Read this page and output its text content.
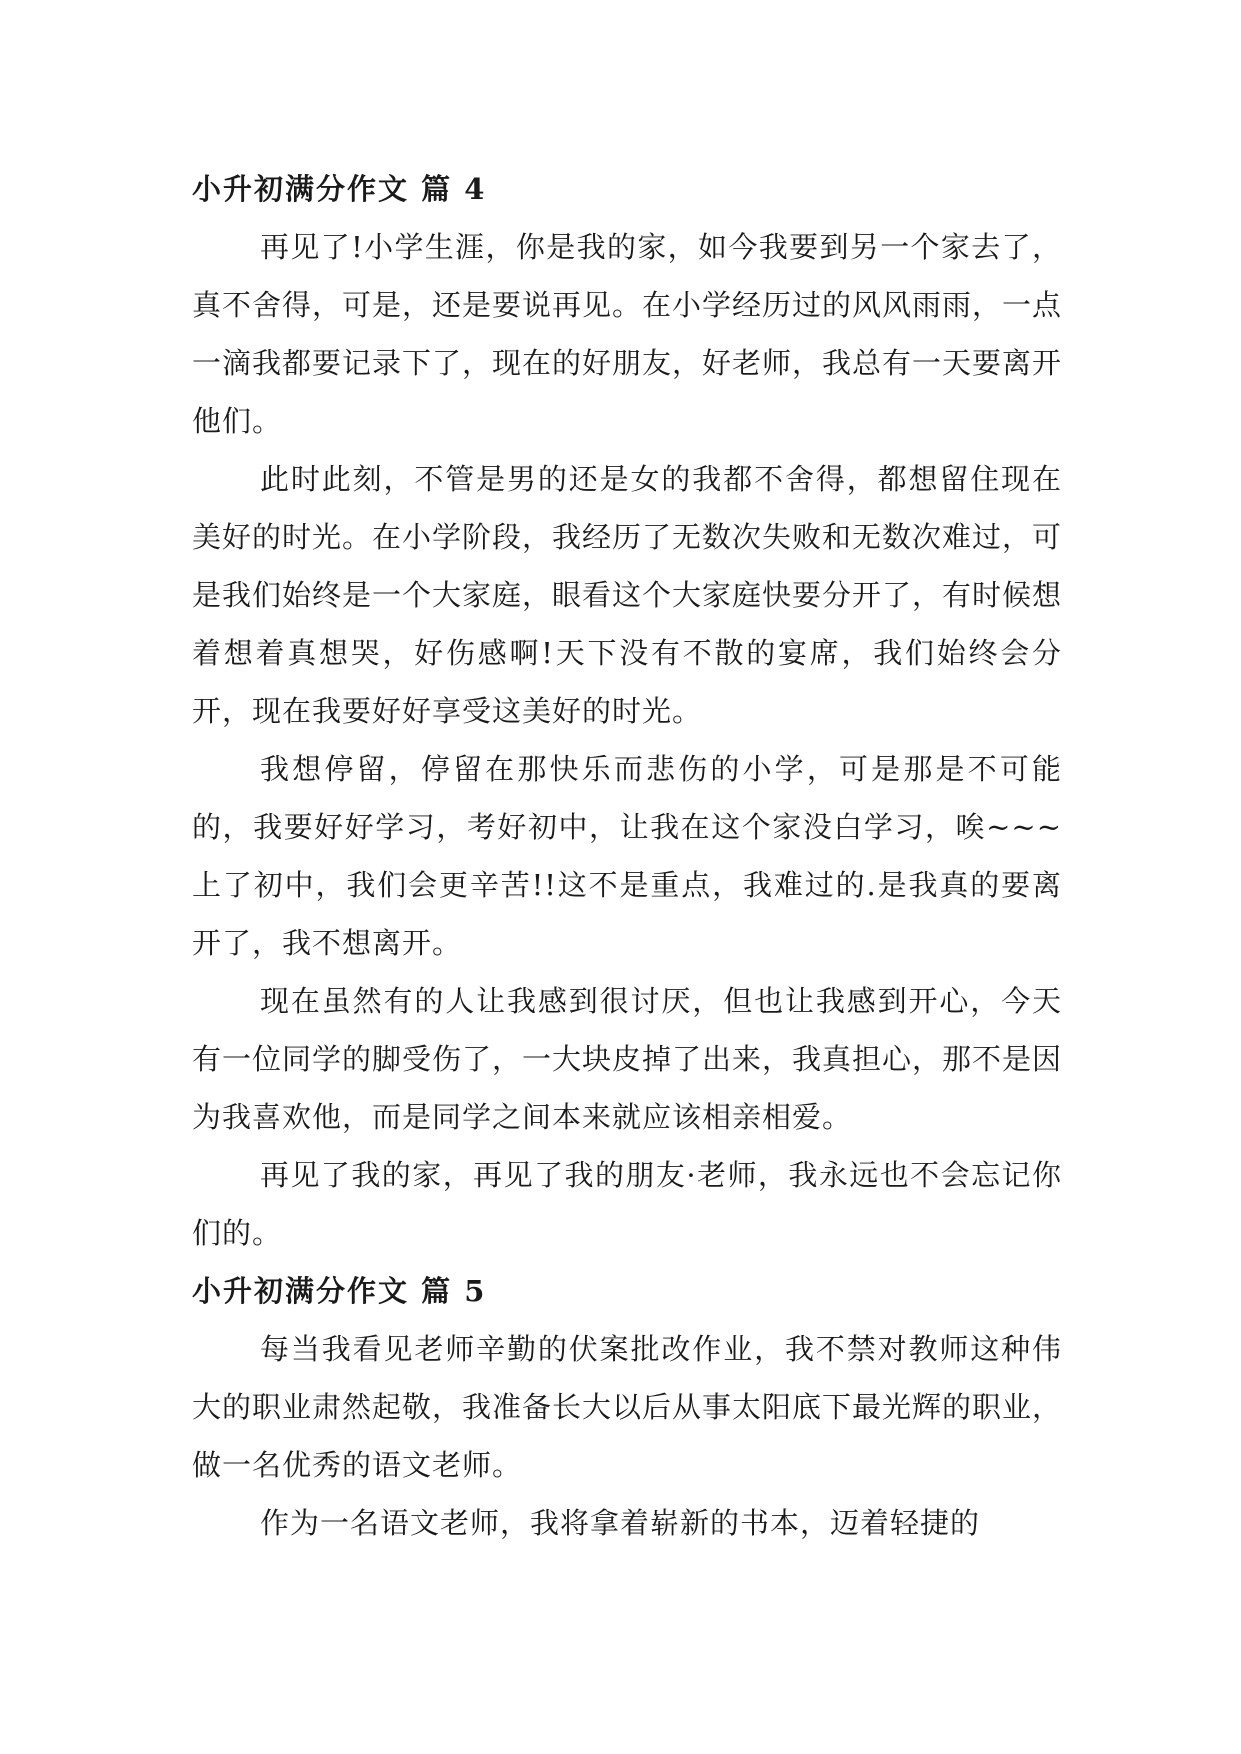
小升初满分作文 篇 4

再见了!小学生涯，你是我的家，如今我要到另一个家去了，真不舍得，可是，还是要说再见。在小学经历过的风风雨雨，一点一滴我都要记录下了，现在的好朋友，好老师，我总有一天要离开他们。

此时此刻，不管是男的还是女的我都不舍得，都想留住现在美好的时光。在小学阶段，我经历了无数次失败和无数次难过，可是我们始终是一个大家庭，眼看这个大家庭快要分开了，有时候想着想着真想哭，好伤感啊!天下没有不散的宴席，我们始终会分开，现在我要好好享受这美好的时光。

我想停留，停留在那快乐而悲伤的小学，可是那是不可能的，我要好好学习，考好初中，让我在这个家没白学习，唉~~~上了初中，我们会更辛苦!!这不是重点，我难过的.是我真的要离开了，我不想离开。

现在虽然有的人让我感到很讨厌，但也让我感到开心，今天有一位同学的脚受伤了，一大块皮掉了出来，我真担心，那不是因为我喜欢他，而是同学之间本来就应该相亲相爱。

再见了我的家，再见了我的朋友·老师，我永远也不会忘记你们的。

小升初满分作文 篇 5

每当我看见老师辛勤的伏案批改作业，我不禁对教师这种伟大的职业肃然起敬，我准备长大以后从事太阳底下最光辉的职业，做一名优秀的语文老师。

作为一名语文老师，我将拿着崭新的书本，迈着轻捷的
